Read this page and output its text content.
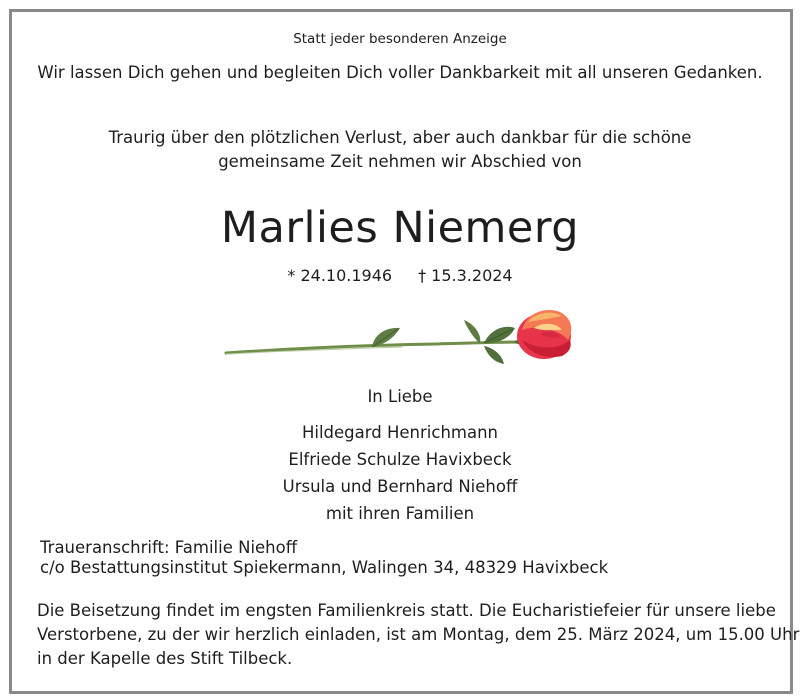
Statt jeder besonderen Anzeige
Wir lassen Dich gehen und begleiten Dich voller Dankbarkeit mit all unseren Gedanken.
Traurig über den plötzlichen Verlust, aber auch dankbar für die schöne
gemeinsame Zeit nehmen wir Abschied von
Marlies Niemerg
* 24.10.1946 † 15.3.2024
In Liebe
Hildegard Henrichmann
Elfriede Schulze Havixbeck
Ursula und Bernhard Niehoff
mit ihren Familien
Traueranschrift: Familie Niehoff
c/o Bestattungsinstitut Spiekermann, Walingen 34, 48329 Havixbeck
Die Beisetzung findet im engsten Familienkreis statt. Die Eucharistiefeier für unsere liebe
Verstorbene, zu der wir herzlich einladen, ist am Montag, dem 25. März 2024, um 15.00 Uhr
in der Kapelle des Stift Tilbeck.
